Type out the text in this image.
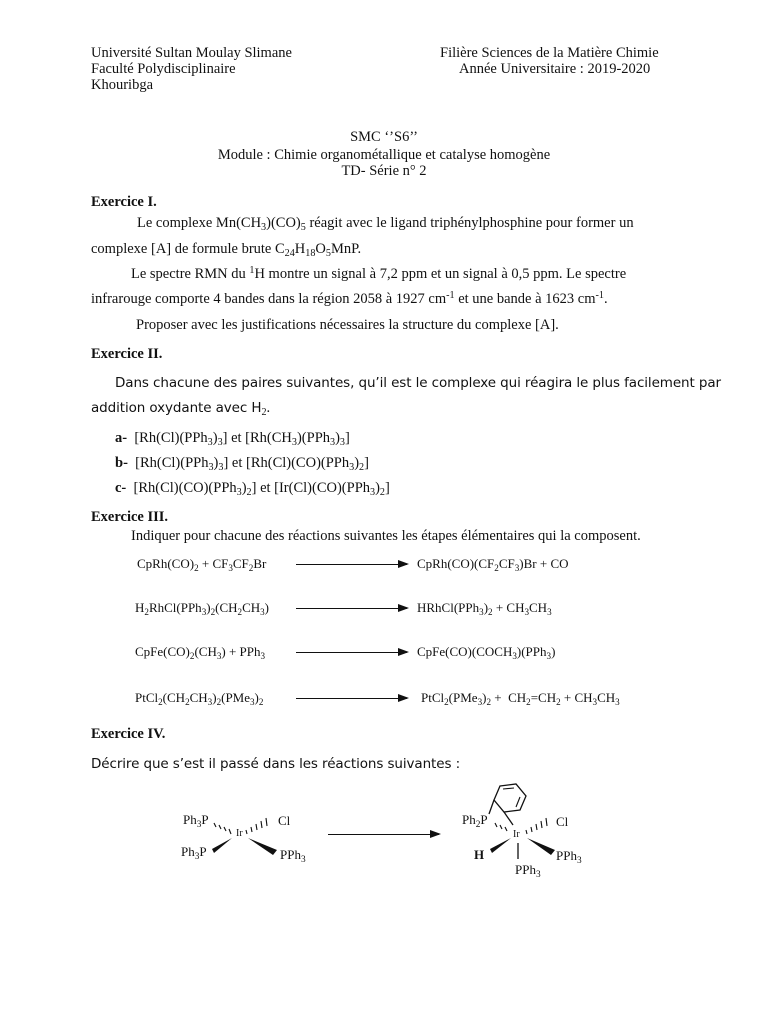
Université Sultan Moulay Slimane
Faculté Polydisciplinaire
Khouribga
Filière Sciences de la Matière Chimie
Année Universitaire : 2019-2020
SMC ‘’S6’’
Module : Chimie organométallique et catalyse homogène
TD- Série n° 2
Exercice I.
Le complexe $Mn(CH_3)(CO)_5$ réagit avec le ligand triphénylphosphine pour former un
complexe [A] de formule brute $C_{24}H_{18}O_5MnP$.
Le spectre RMN du $^1$H montre un signal à 7,2 ppm et un signal à 0,5 ppm. Le spectre
infrarouge comporte 4 bandes dans la région 2058 à 1927 $cm^{-1}$ et une bande à 1623 $cm^{-1}$.
Proposer avec les justifications nécessaires la structure du complexe [A].
Exercice II.
Dans chacune des paires suivantes, qu’il est le complexe qui réagira le plus facilement par
addition oxydante avec $H_2$.
a- $[Rh(Cl)(PPh_3)_3]$ et $[Rh(CH_3)(PPh_3)_3]$
b- $[Rh(Cl)(PPh_3)_3]$ et $[Rh(Cl)(CO)(PPh_3)_2]$
c- $[Rh(Cl)(CO)(PPh_3)_2]$ et $[Ir(Cl)(CO)(PPh_3)_2]$
Exercice III.
Indiquer pour chacune des réactions suivantes les étapes élémentaires qui la composent.
$CpRh(CO)_2 + CF_3CF_2Br$	$CpRh(CO)(CF_2CF_3)Br$ + CO
$H_2RhCl(PPh_3)_2(CH_2CH_3)$	$HRhCl(PPh_3)_2 + CH_3CH_3$
$CpFe(CO)_2(CH_3) + PPh_3$	$CpFe(CO)(COCH_3)(PPh_3)$
$PtCl_2(CH_2CH_3)_2(PMe_3)_2$	$PtCl_2(PMe_3)_2 + CH_2=CH_2 + CH_3CH_3$
Exercice IV.
Décrire que s’est il passé dans les réactions suivantes :
$Ph_3P$	Cl
Ir
$Ph_3P$	PPh$_3$
$Ph_2P$	Cl
Ir
H	PPh$_3$
PPh$_3$
